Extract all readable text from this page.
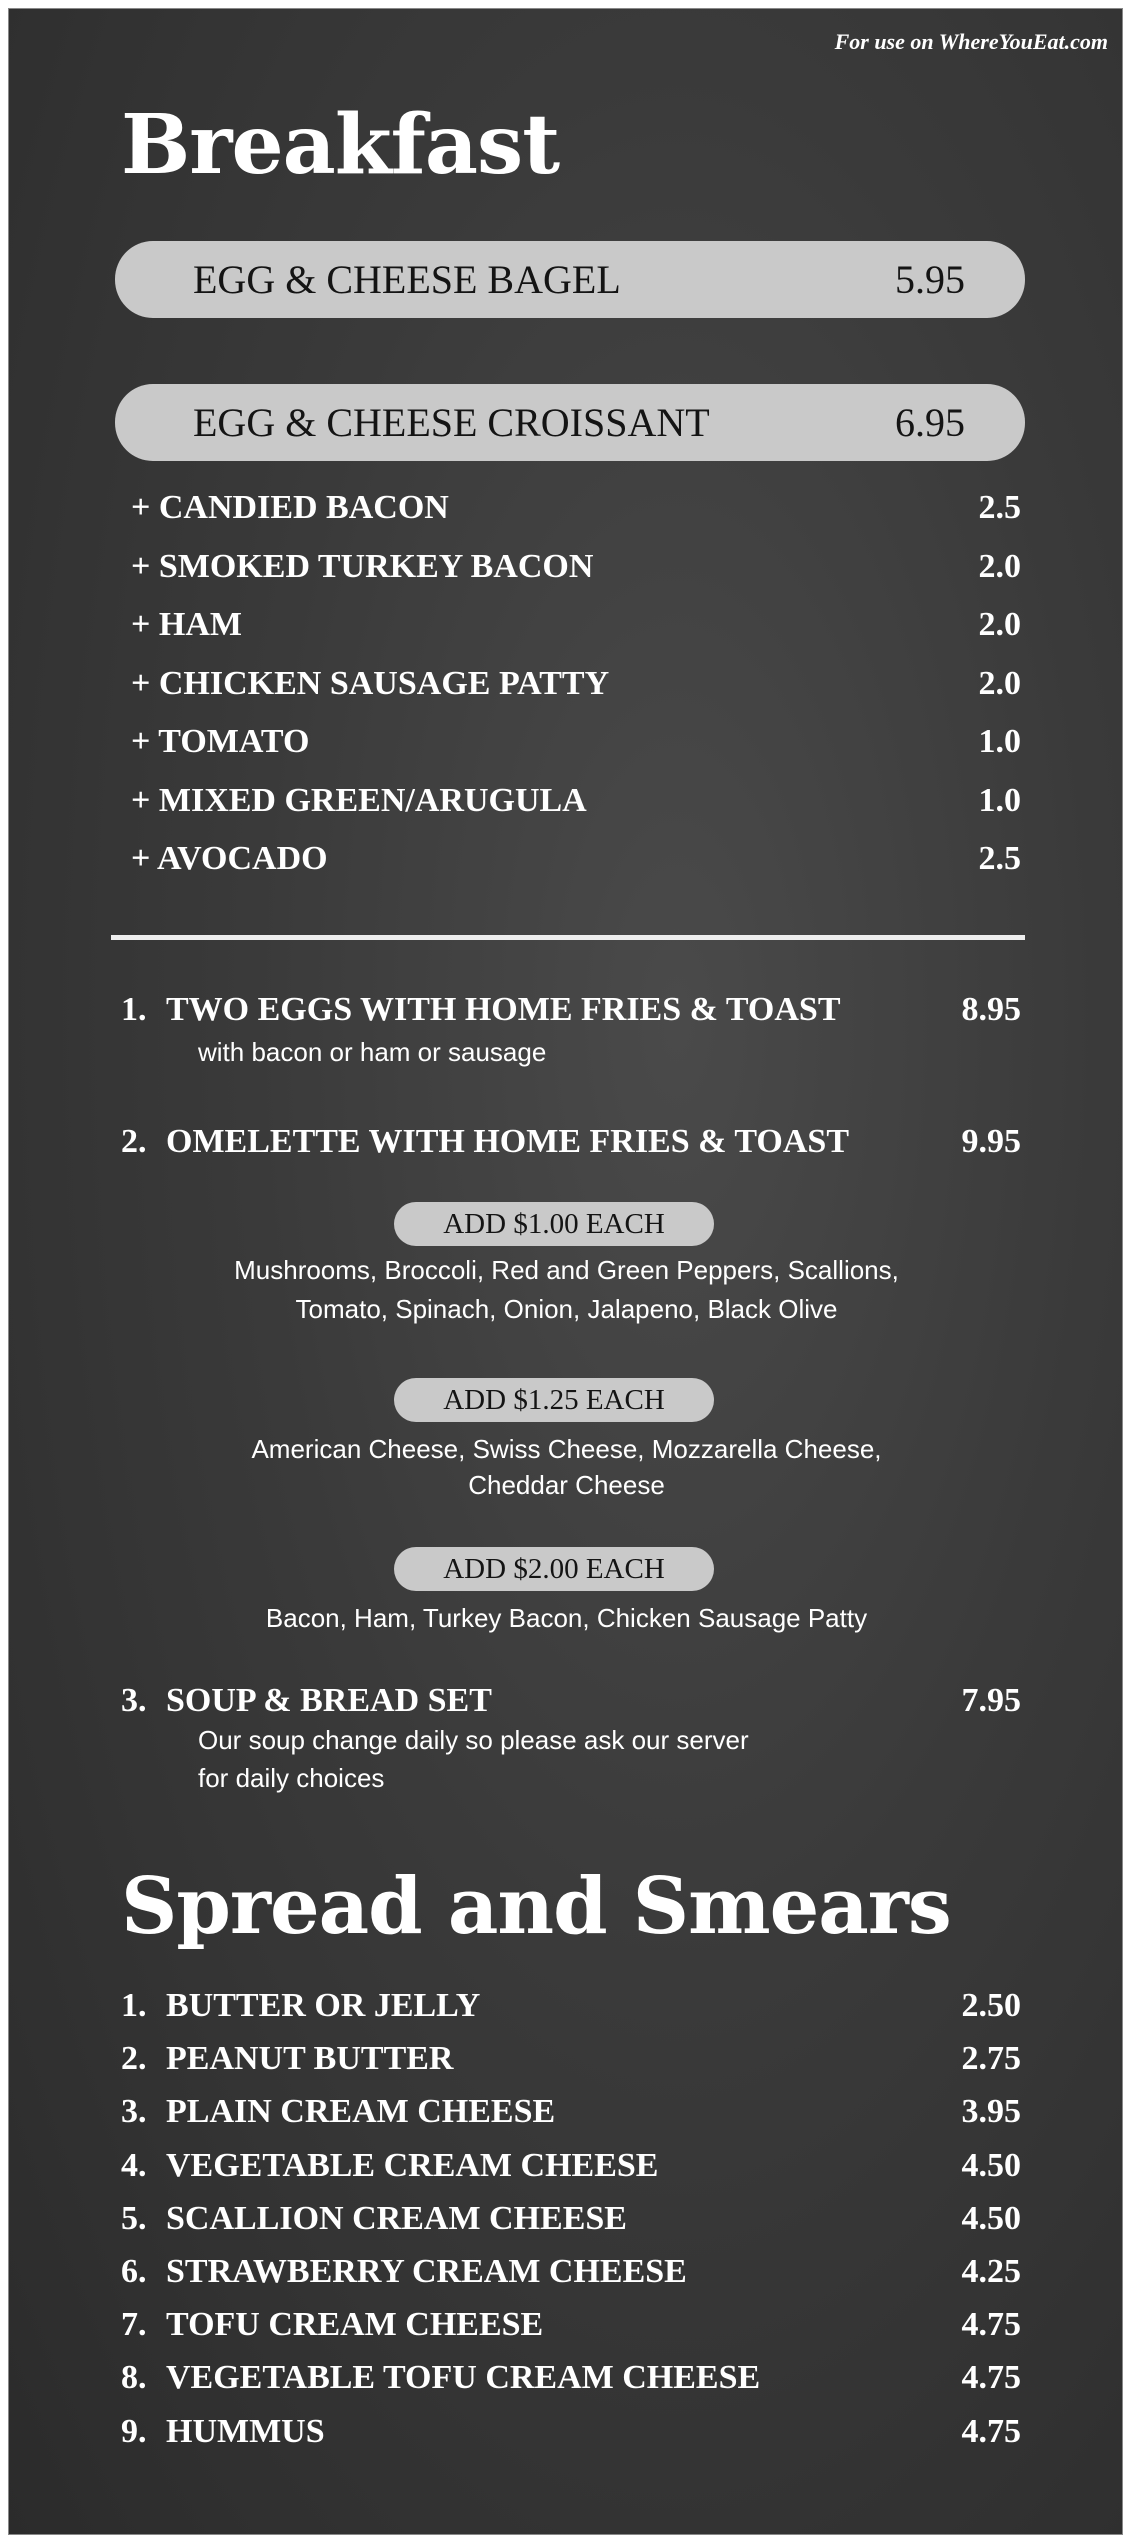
For use on WhereYouEat.com
Breakfast
EGG & CHEESE BAGEL	5.95
EGG & CHEESE CROISSANT	6.95
+ CANDIED BACON	2.5
+ SMOKED TURKEY BACON	2.0
+ HAM	2.0
+ CHICKEN SAUSAGE PATTY	2.0
+ TOMATO	1.0
+ MIXED GREEN/ARUGULA	1.0
+ AVOCADO	2.5
1. TWO EGGS WITH HOME FRIES & TOAST	8.95
with bacon or ham or sausage
2. OMELETTE WITH HOME FRIES & TOAST	9.95
ADD $1.00 EACH
Mushrooms, Broccoli, Red and Green Peppers, Scallions,
Tomato, Spinach, Onion, Jalapeno, Black Olive
ADD $1.25 EACH
American Cheese, Swiss Cheese, Mozzarella Cheese,
Cheddar Cheese
ADD $2.00 EACH
Bacon, Ham, Turkey Bacon, Chicken Sausage Patty
3. SOUP & BREAD SET	7.95
Our soup change daily so please ask our server
for daily choices
Spread and Smears
1. BUTTER OR JELLY	2.50
2. PEANUT BUTTER	2.75
3. PLAIN CREAM CHEESE	3.95
4. VEGETABLE CREAM CHEESE	4.50
5. SCALLION CREAM CHEESE	4.50
6. STRAWBERRY CREAM CHEESE	4.25
7. TOFU CREAM CHEESE	4.75
8. VEGETABLE TOFU CREAM CHEESE	4.75
9. HUMMUS	4.75
